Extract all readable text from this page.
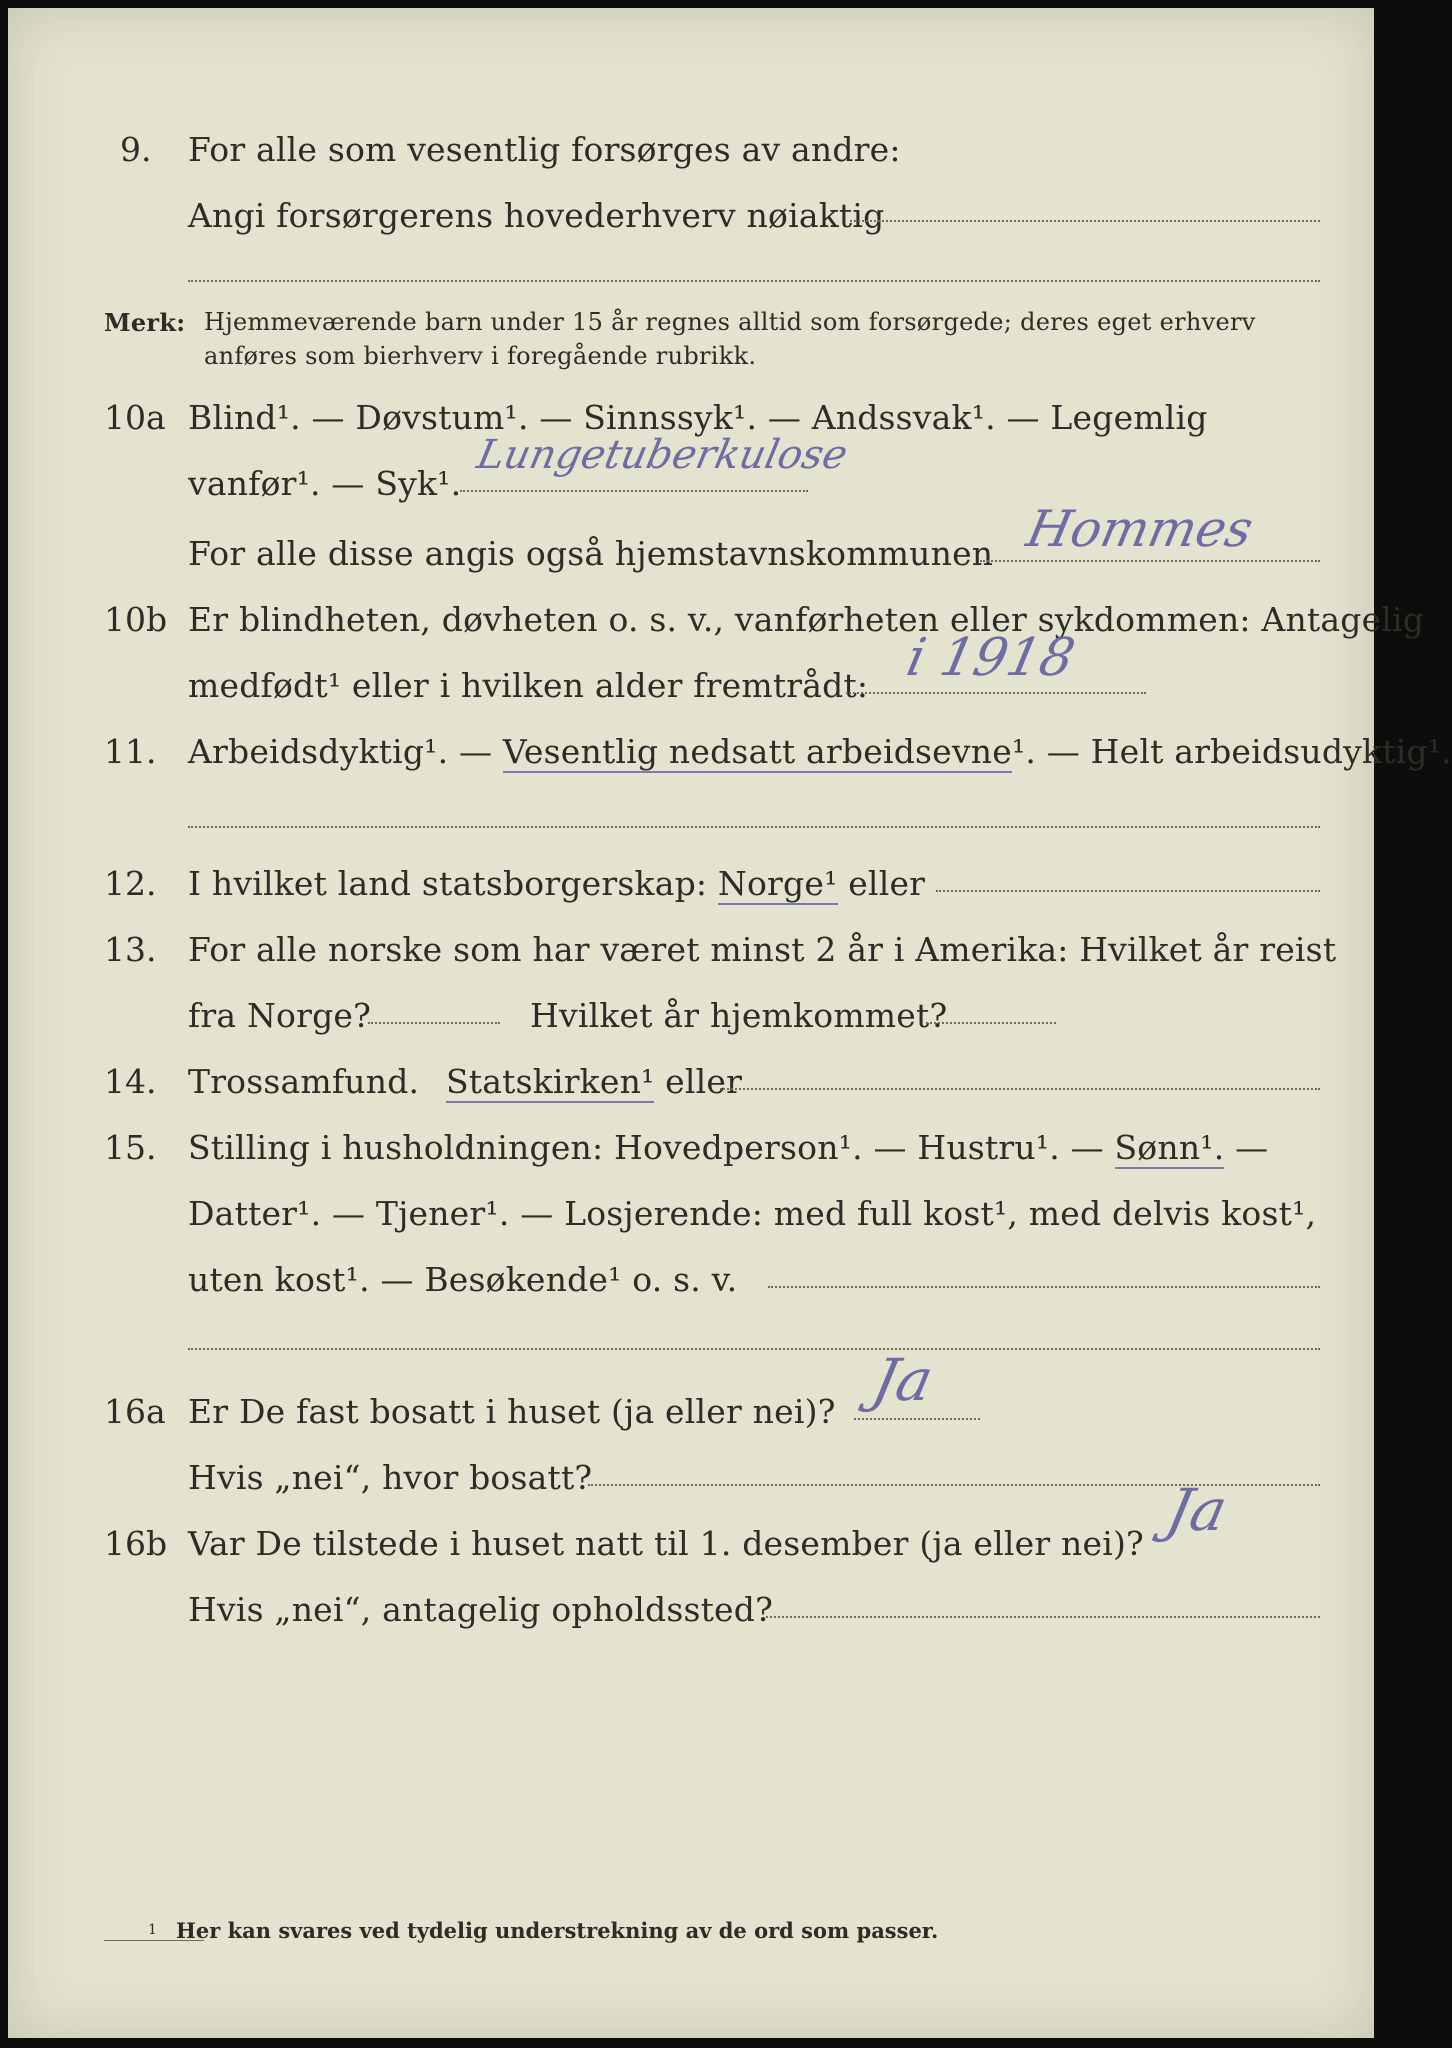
9. For alle som vesentlig forsørges av andre:
Angi forsørgerens hovederhverv nøiaktig
Merk: Hjemmeværende barn under 15 år regnes alltid som forsørgede; deres eget erhverv
anføres som bierhverv i foregående rubrikk.
10a Blind¹. — Døvstum¹. — Sinnssyk¹. — Andssvak¹. — Legemlig
vanfør¹. — Syk¹.
Lungetuberkulose
For alle disse angis også hjemstavnskommunen Hommes
10b Er blindheten, døvheten o. s. v., vanførheten eller sykdommen: Antagelig
medfødt¹ eller i hvilken alder fremtrådt: i 1918
11. Arbeidsdyktig¹. — Vesentlig nedsatt arbeidsevne¹. — Helt arbeidsudyktig¹.
12. I hvilket land statsborgerskap: Norge¹ eller
13. For alle norske som har været minst 2 år i Amerika: Hvilket år reist
fra Norge?	Hvilket år hjemkommet?
14. Trossamfund. Statskirken¹ eller
15. Stilling i husholdningen: Hovedperson¹. — Hustru¹. — Sønn¹. —
Datter¹. — Tjener¹. — Losjerende: med full kost¹, med delvis kost¹,
uten kost¹. — Besøkende¹ o. s. v.
16a Er De fast bosatt i huset (ja eller nei)? Ja
Hvis „nei“, hvor bosatt?
16b Var De tilstede i huset natt til 1. desember (ja eller nei)? Ja
Hvis „nei“, antagelig opholdssted?
1 Her kan svares ved tydelig understrekning av de ord som passer.
